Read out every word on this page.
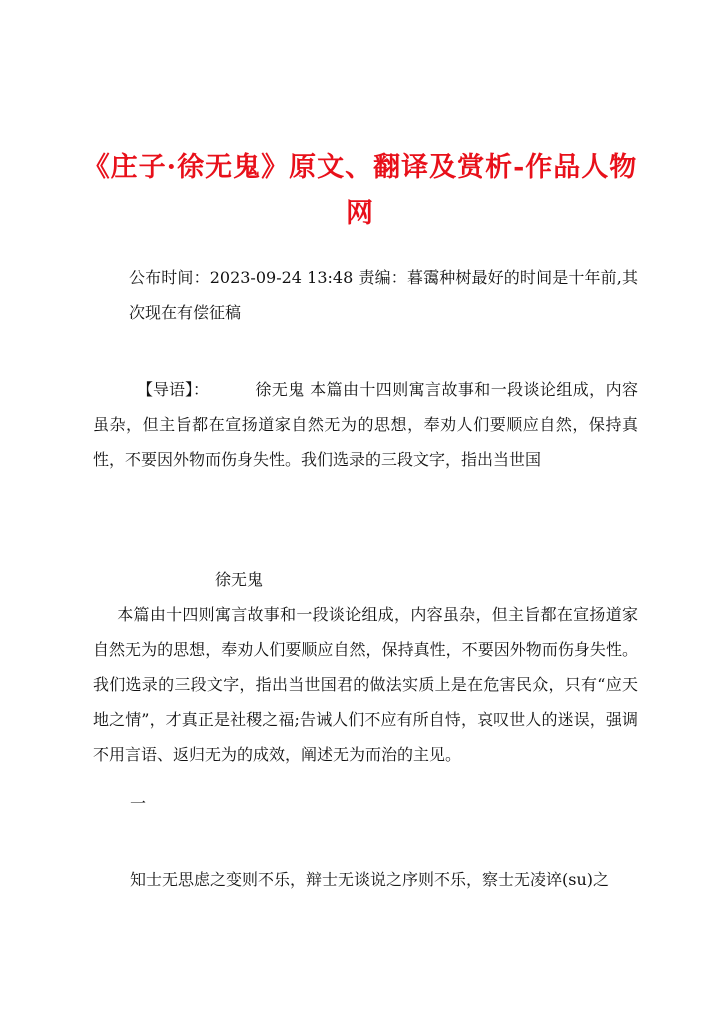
《庄子·徐无鬼》原文、翻译及赏析-作品人物网
公布时间：2023-09-24 13:48 责编：暮霭种树最好的时间是十年前,其次现在有偿征稿
【导语】：	徐无鬼 本篇由十四则寓言故事和一段谈论组成，内容虽杂，但主旨都在宣扬道家自然无为的思想，奉劝人们要顺应自然，保持真性，不要因外物而伤身失性。我们选录的三段文字，指出当世国
徐无鬼
本篇由十四则寓言故事和一段谈论组成，内容虽杂，但主旨都在宣扬道家自然无为的思想，奉劝人们要顺应自然，保持真性，不要因外物而伤身失性。我们选录的三段文字，指出当世国君的做法实质上是在危害民众，只有“应天地之情”，才真正是社稷之福;告诫人们不应有所自恃，哀叹世人的迷误，强调不用言语、返归无为的成效，阐述无为而治的主见。
一
知士无思虑之变则不乐，辩士无谈说之序则不乐，察士无凌谇(su)之
